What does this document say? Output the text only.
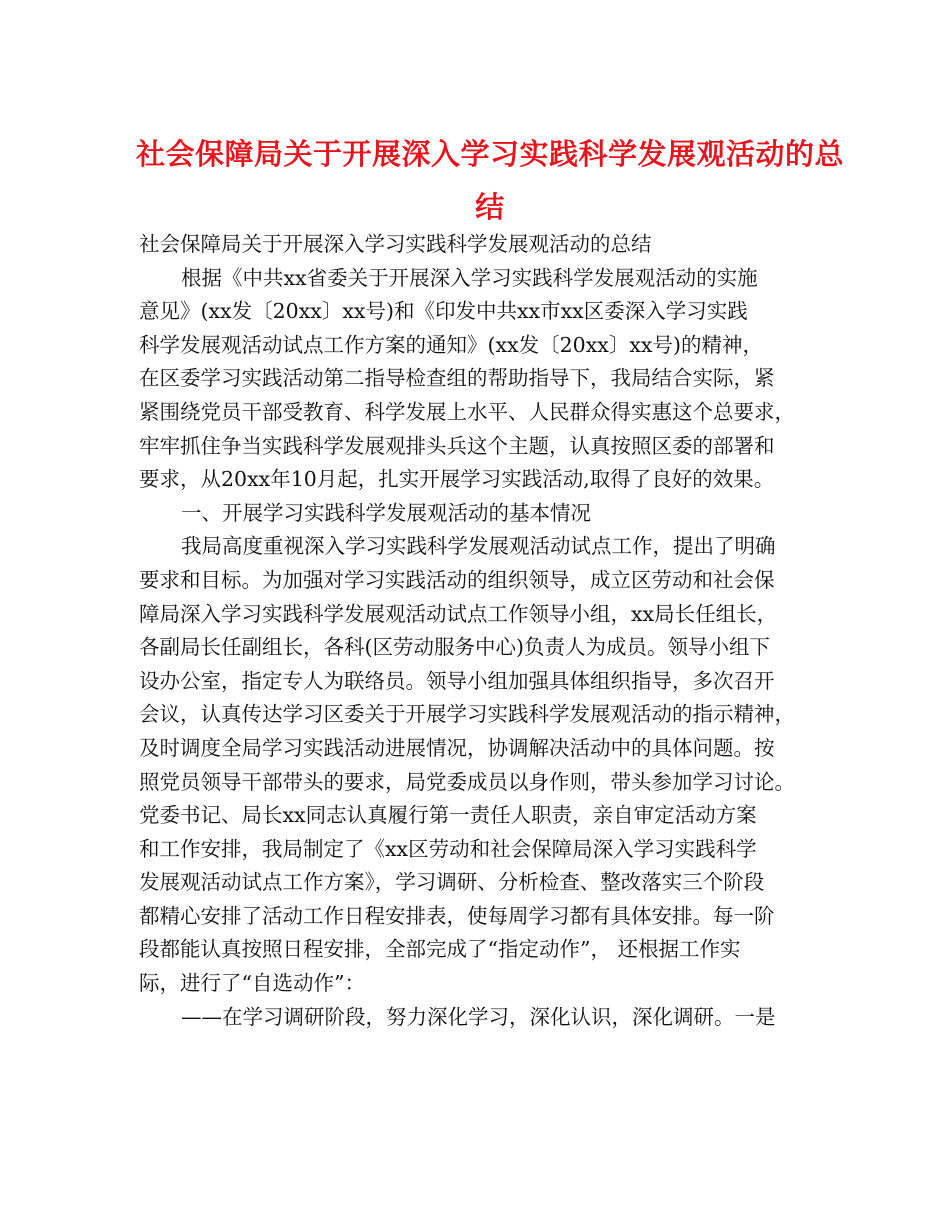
社会保障局关于开展深入学习实践科学发展观活动的总
结
社会保障局关于开展深入学习实践科学发展观活动的总结
根据《中共xx省委关于开展深入学习实践科学发展观活动的实施
意见》(xx发〔20xx〕xx号)和《印发中共xx市xx区委深入学习实践
科学发展观活动试点工作方案的通知》(xx发〔20xx〕xx号)的精神，
在区委学习实践活动第二指导检查组的帮助指导下，我局结合实际，紧
紧围绕党员干部受教育、科学发展上水平、人民群众得实惠这个总要求，
牢牢抓住争当实践科学发展观排头兵这个主题，认真按照区委的部署和
要求，从20xx年10月起，扎实开展学习实践活动,取得了良好的效果。
一、开展学习实践科学发展观活动的基本情况
我局高度重视深入学习实践科学发展观活动试点工作，提出了明确
要求和目标。为加强对学习实践活动的组织领导，成立区劳动和社会保
障局深入学习实践科学发展观活动试点工作领导小组，xx局长任组长，
各副局长任副组长，各科(区劳动服务中心)负责人为成员。领导小组下
设办公室，指定专人为联络员。领导小组加强具体组织指导，多次召开
会议，认真传达学习区委关于开展学习实践科学发展观活动的指示精神，
及时调度全局学习实践活动进展情况，协调解决活动中的具体问题。按
照党员领导干部带头的要求，局党委成员以身作则，带头参加学习讨论。
党委书记、局长xx同志认真履行第一责任人职责，亲自审定活动方案
和工作安排，我局制定了《xx区劳动和社会保障局深入学习实践科学
发展观活动试点工作方案》，学习调研、分析检查、整改落实三个阶段
都精心安排了活动工作日程安排表，使每周学习都有具体安排。每一阶
段都能认真按照日程安排，全部完成了“指定动作”， 还根据工作实
际，进行了“自选动作”：
——在学习调研阶段，努力深化学习，深化认识，深化调研。一是
